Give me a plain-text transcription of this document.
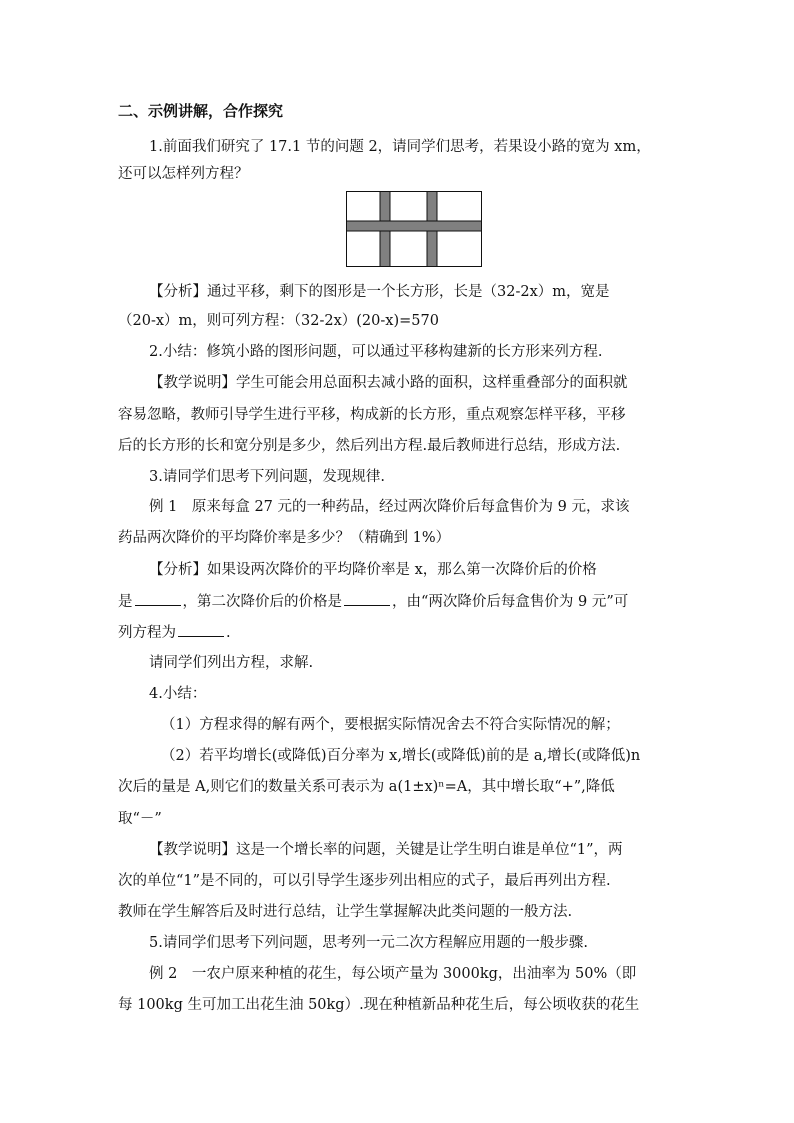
二、示例讲解，合作探究
1.前面我们研究了 17.1 节的问题 2，请同学们思考，若果设小路的宽为 xm，
还可以怎样列方程？
【分析】通过平移，剩下的图形是一个长方形，长是（32-2x）m，宽是
（20-x）m，则可列方程：（32-2x）(20-x)=570
2.小结：修筑小路的图形问题，可以通过平移构建新的长方形来列方程.
【教学说明】学生可能会用总面积去减小路的面积，这样重叠部分的面积就
容易忽略，教师引导学生进行平移，构成新的长方形，重点观察怎样平移，平移
后的长方形的长和宽分别是多少，然后列出方程.最后教师进行总结，形成方法.
3.请同学们思考下列问题，发现规律.
例 1　原来每盒 27 元的一种药品，经过两次降价后每盒售价为 9 元，求该
药品两次降价的平均降价率是多少？（精确到 1%）
【分析】如果设两次降价的平均降价率是 x，那么第一次降价后的价格
是	，第二次降价后的价格是	，由“两次降价后每盒售价为 9 元”可
列方程为	.
请同学们列出方程，求解.
4.小结：
（1）方程求得的解有两个，要根据实际情况舍去不符合实际情况的解；
（2）若平均增长(或降低)百分率为 x,增长(或降低)前的是 a,增长(或降低)n
次后的量是 A,则它们的数量关系可表示为 a(1±x)ⁿ=A，其中增长取“+”,降低
取“－”
【教学说明】这是一个增长率的问题，关键是让学生明白谁是单位“1”，两
次的单位“1”是不同的，可以引导学生逐步列出相应的式子，最后再列出方程.
教师在学生解答后及时进行总结，让学生掌握解决此类问题的一般方法.
5.请同学们思考下列问题，思考列一元二次方程解应用题的一般步骤.
例 2　一农户原来种植的花生，每公顷产量为 3000kg，出油率为 50%（即
每 100kg 生可加工出花生油 50kg）.现在种植新品种花生后，每公顷收获的花生
